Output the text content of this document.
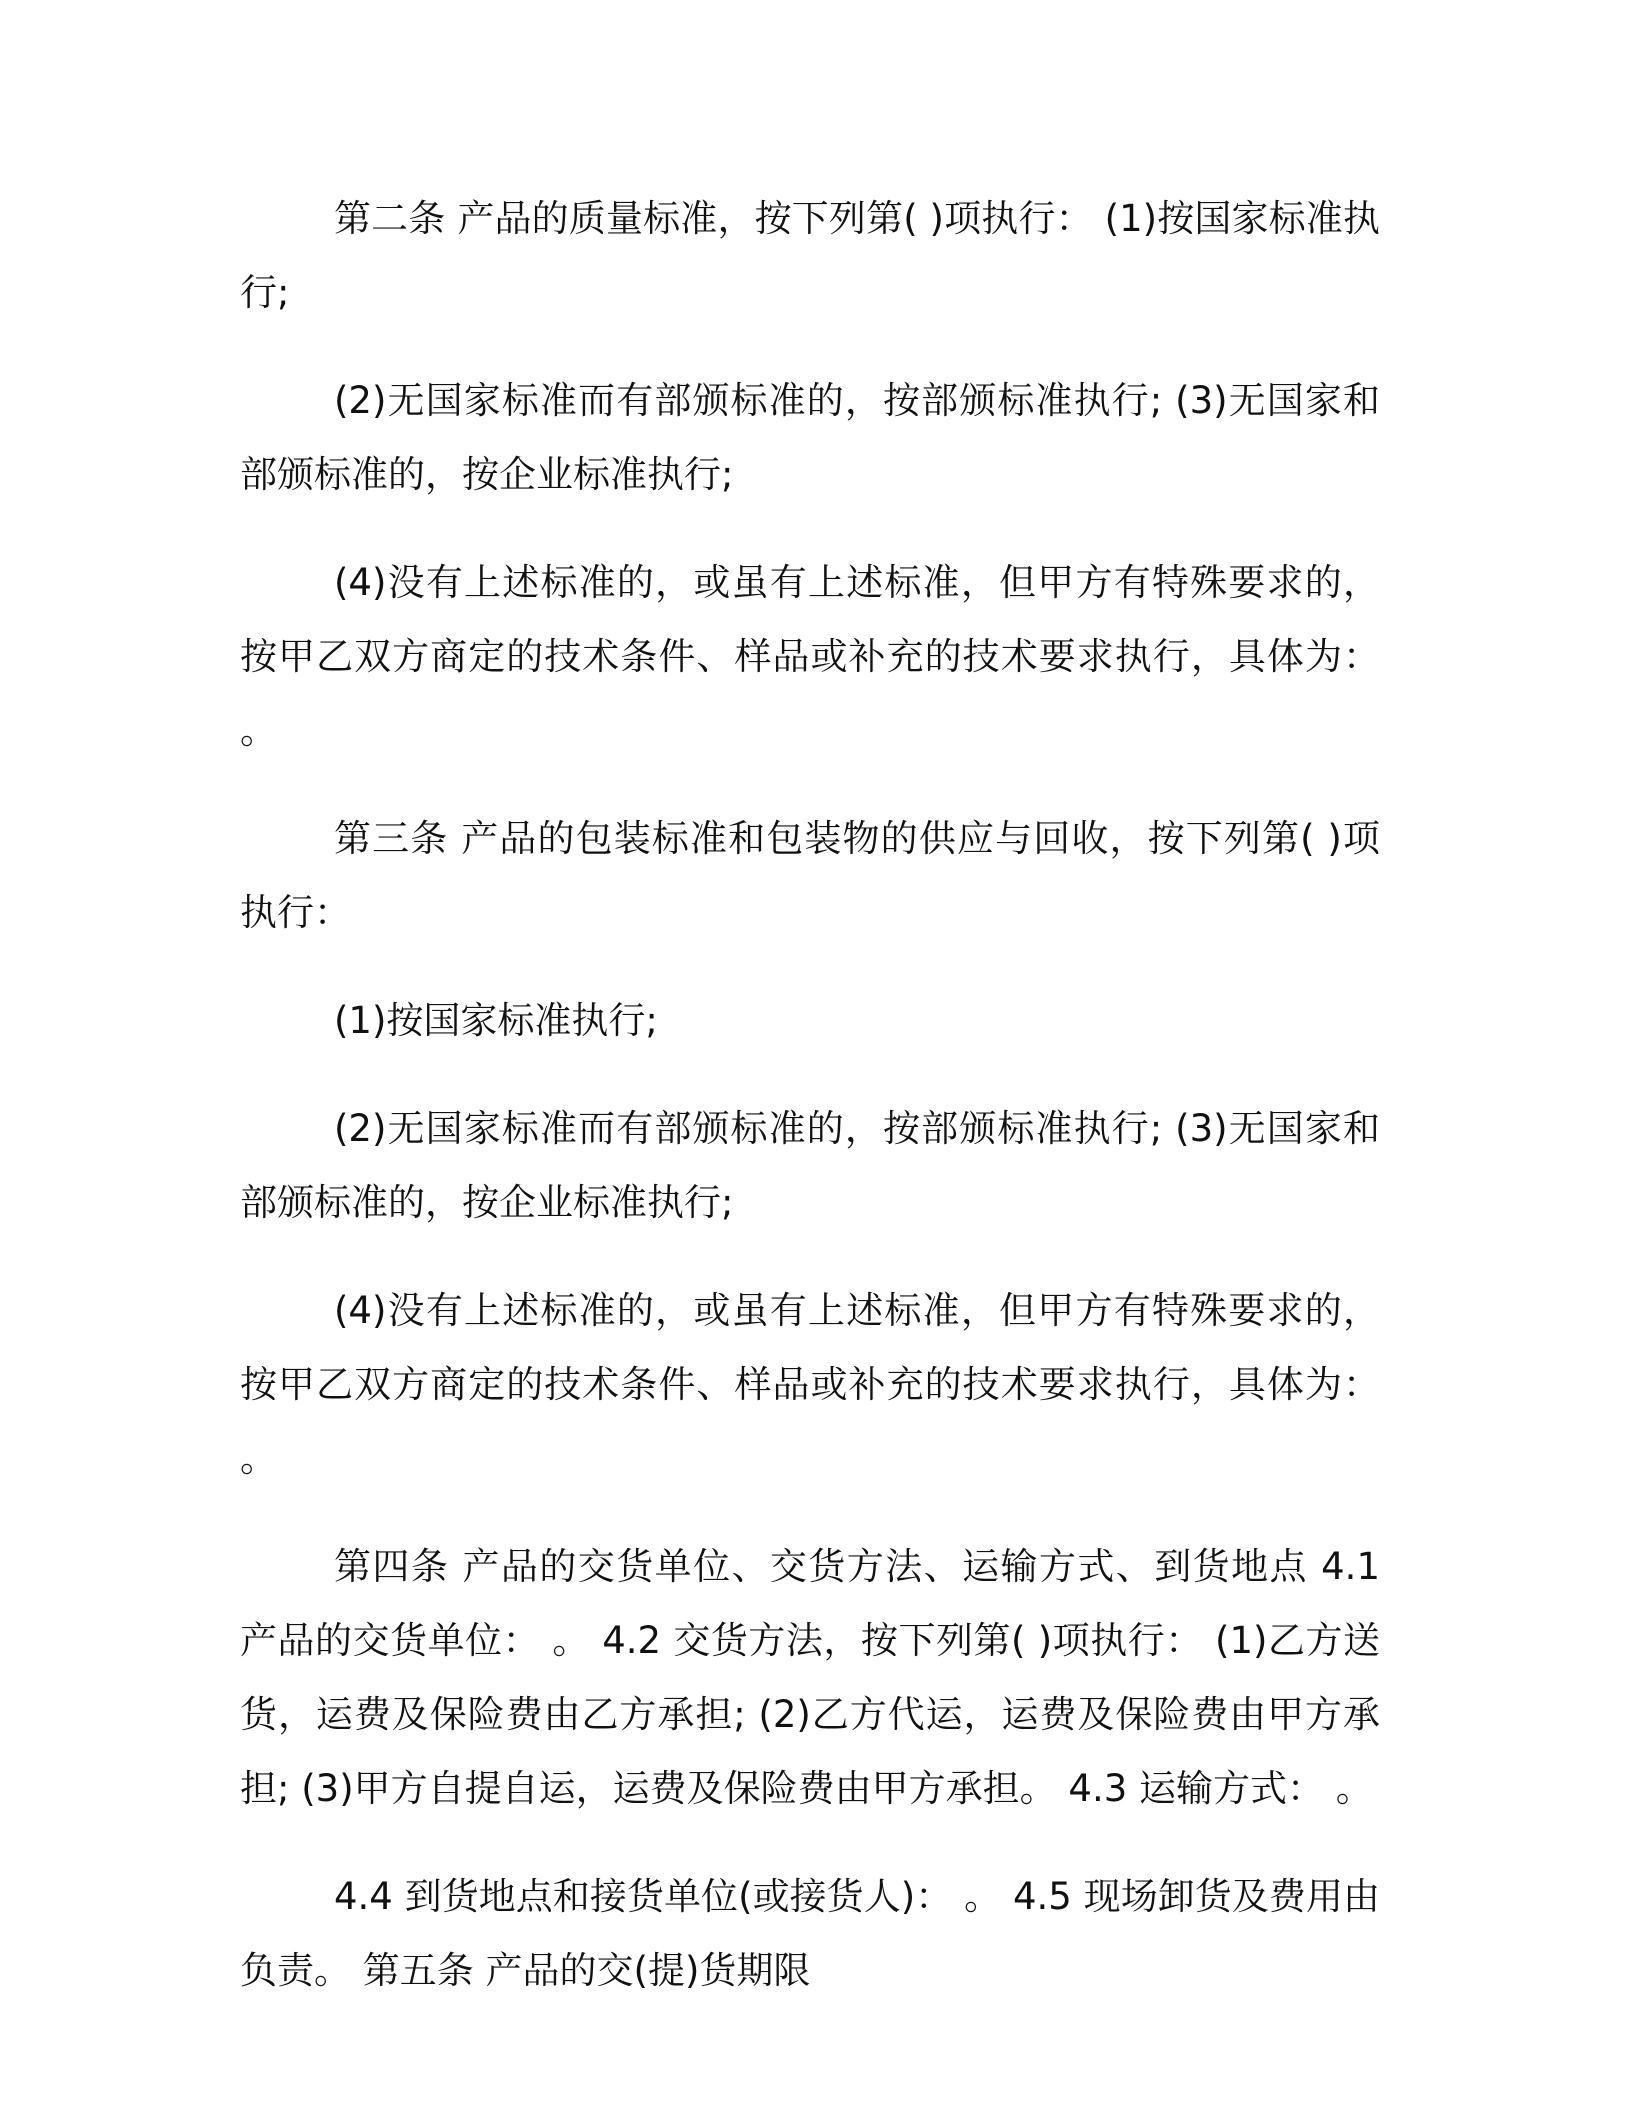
第二条 产品的质量标准，按下列第( )项执行： (1)按国家标准执行;

(2)无国家标准而有部颁标准的，按部颁标准执行; (3)无国家和部颁标准的，按企业标准执行;

(4)没有上述标准的，或虽有上述标准，但甲方有特殊要求的，按甲乙双方商定的技术条件、样品或补充的技术要求执行，具体为： 。

第三条 产品的包装标准和包装物的供应与回收，按下列第( )项执行：

(1)按国家标准执行;

(2)无国家标准而有部颁标准的，按部颁标准执行; (3)无国家和部颁标准的，按企业标准执行;

(4)没有上述标准的，或虽有上述标准，但甲方有特殊要求的，按甲乙双方商定的技术条件、样品或补充的技术要求执行，具体为： 。

第四条 产品的交货单位、交货方法、运输方式、到货地点 4.1 产品的交货单位： 。 4.2 交货方法，按下列第( )项执行： (1)乙方送货，运费及保险费由乙方承担; (2)乙方代运，运费及保险费由甲方承担; (3)甲方自提自运，运费及保险费由甲方承担。 4.3 运输方式： 。

4.4 到货地点和接货单位(或接货人)： 。 4.5 现场卸货及费用由 负责。 第五条 产品的交(提)货期限
